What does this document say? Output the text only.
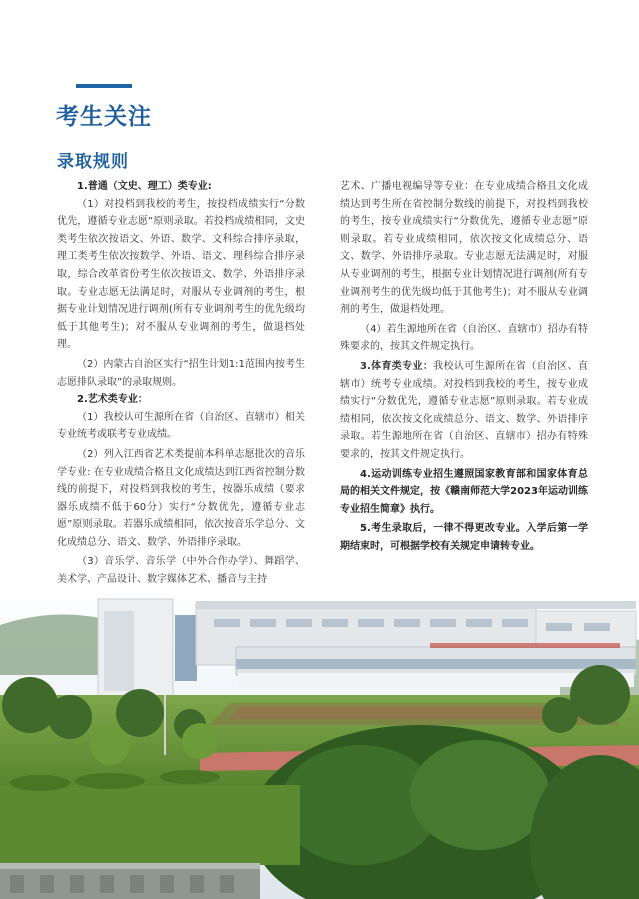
考生关注
录取规则

1.普通（文史、理工）类专业:

（1）对投档到我校的考生，按投档成绩实行“分数优先，遵循专业志愿”原则录取。若投档成绩相同，文史类考生依次按语文、外语、数学、文科综合排序录取，理工类考生依次按数学、外语、语文、理科综合排序录取，综合改革省份考生依次按语文、数学、外语排序录取。专业志愿无法满足时，对服从专业调剂的考生，根据专业计划情况进行调剂(所有专业调剂考生的优先级均低于其他考生)；对不服从专业调剂的考生，做退档处理。

（2）内蒙古自治区实行“招生计划1:1范围内按考生志愿排队录取”的录取规则。

2.艺术类专业：

（1）我校认可生源所在省（自治区、直辖市）相关专业统考或联考专业成绩。

（2）列入江西省艺术类提前本科单志愿批次的音乐学专业: 在专业成绩合格且文化成绩达到江西省控制分数线的前提下，对投档到我校的考生，按器乐成绩（要求器乐成绩不低于60分）实行“分数优先，遵循专业志愿”原则录取。若器乐成绩相同，依次按音乐学总分、文化成绩总分、语文、数学、外语排序录取。

（3）音乐学、音乐学（中外合作办学）、舞蹈学、美术学、产品设计、数字媒体艺术、播音与主持

艺术、广播电视编导等专业：在专业成绩合格且文化成绩达到考生所在省控制分数线的前提下，对投档到我校的考生，按专业成绩实行“分数优先，遵循专业志愿”原则录取。若专业成绩相同，依次按文化成绩总分、语文、数学、外语排序录取。专业志愿无法满足时，对服从专业调剂的考生，根据专业计划情况进行调剂(所有专业调剂考生的优先级均低于其他考生)；对不服从专业调剂的考生，做退档处理。

（4）若生源地所在省（自治区、直辖市）招办有特殊要求的，按其文件规定执行。

3.体育类专业：我校认可生源所在省（自治区、直辖市）统考专业成绩。对投档到我校的考生，按专业成绩实行“分数优先，遵循专业志愿”原则录取。若专业成绩相同，依次按文化成绩总分、语文、数学、外语排序录取。若生源地所在省（自治区、直辖市）招办有特殊要求的，按其文件规定执行。

4.运动训练专业招生遵照国家教育部和国家体育总局的相关文件规定，按《赣南师范大学2023年运动训练专业招生简章》执行。

5.考生录取后，一律不得更改专业。入学后第一学期结束时，可根据学校有关规定申请转专业。
